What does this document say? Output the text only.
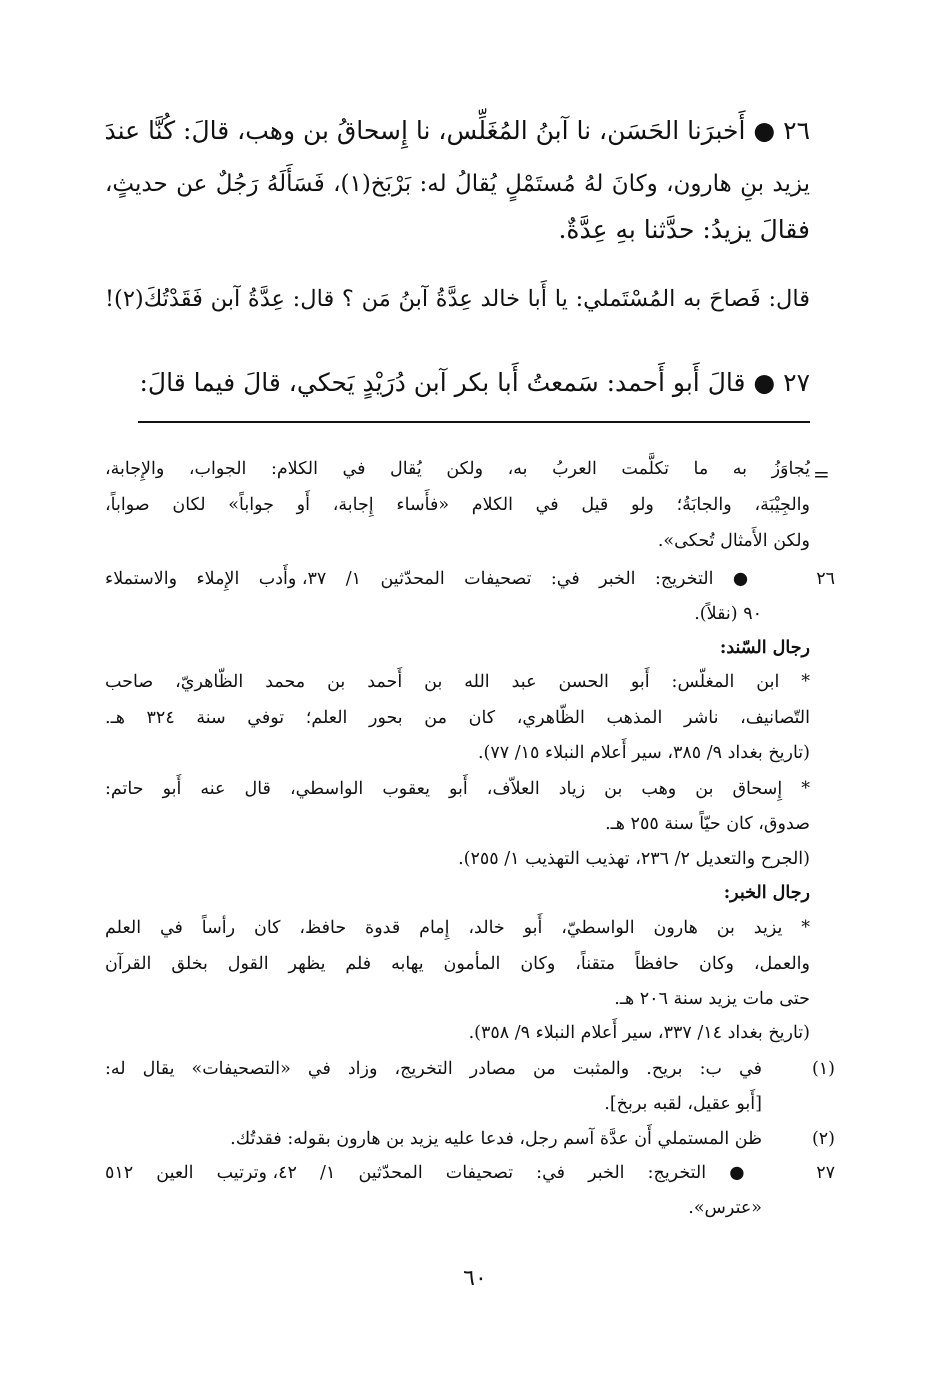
٢٦ ● أَخبرَنا الحَسَن، نا آبنُ المُغَلِّس، نا إِسحاقُ بن وهب، قالَ: كُنَّا عندَ
يزيد بنِ هارون، وكانَ لهُ مُستَمْلٍ يُقالُ له: بَرْبَخ(١)، فَسَأَلَهُ رَجُلٌ عن حديثٍ،
فقالَ يزيدُ: حدَّثنا بهِ عِدَّةٌ.
قال: فَصاحَ به المُسْتَملي: يا أَبا خالد عِدَّةُ آبنُ مَن ؟ قال: عِدَّةُ آبن فَقَدْتُكَ(٢)!
٢٧ ● قالَ أَبو أَحمد: سَمعتُ أَبا بكر آبن دُرَيْدٍ يَحكي، قالَ فيما قالَ:
=
يُجاوَزُ به ما تكلَّمت العربُ به، ولكن يُقال في الكلام: الجواب، والإِجابة،
والجِيْبَة، والجابَةُ؛ ولو قيل في الكلام «فأَساء إِجابة، أَو جواباً» لكان صواباً،
ولكن الأَمثال تُحكى».
٢٦
● التخريج: الخبر في: تصحيفات المحدّثين ١/ ٣٧، وأَدب الإِملاء والاستملاء
٩٠ (نقلاً).
رجال السّند:
* ابن المغلّس: أَبو الحسن عبد الله بن أَحمد بن محمد الظّاهريّ، صاحب
التّصانيف، ناشر المذهب الظّاهري، كان من بحور العلم؛ توفي سنة ٣٢٤ هـ.
(تاريخ بغداد ٩/ ٣٨٥، سير أَعلام النبلاء ١٥/ ٧٧).
* إِسحاق بن وهب بن زياد العلاّف، أَبو يعقوب الواسطي، قال عنه أَبو حاتم:
صدوق، كان حيّاً سنة ٢٥٥ هـ.
(الجرح والتعديل ٢/ ٢٣٦، تهذيب التهذيب ١/ ٢٥٥).
رجال الخبر:
* يزيد بن هارون الواسطيّ، أَبو خالد، إِمام قدوة حافظ، كان رأساً في العلم
والعمل، وكان حافظاً متقناً، وكان المأمون يهابه فلم يظهر القول بخلق القرآن
حتى مات يزيد سنة ٢٠٦ هـ.
(تاريخ بغداد ١٤/ ٣٣٧، سير أَعلام النبلاء ٩/ ٣٥٨).
(١)
في ب: بريح. والمثبت من مصادر التخريج، وزاد في «التصحيفات» يقال له:
[أَبو عقيل، لقبه بربخ].
(٢)
ظن المستملي أَن عدَّة آسم رجل، فدعا عليه يزيد بن هارون بقوله: فقدتُك.
٢٧
● التخريج: الخبر في: تصحيفات المحدّثين ١/ ٤٢، وترتيب العين ٥١٢
«عترس».
٦٠
